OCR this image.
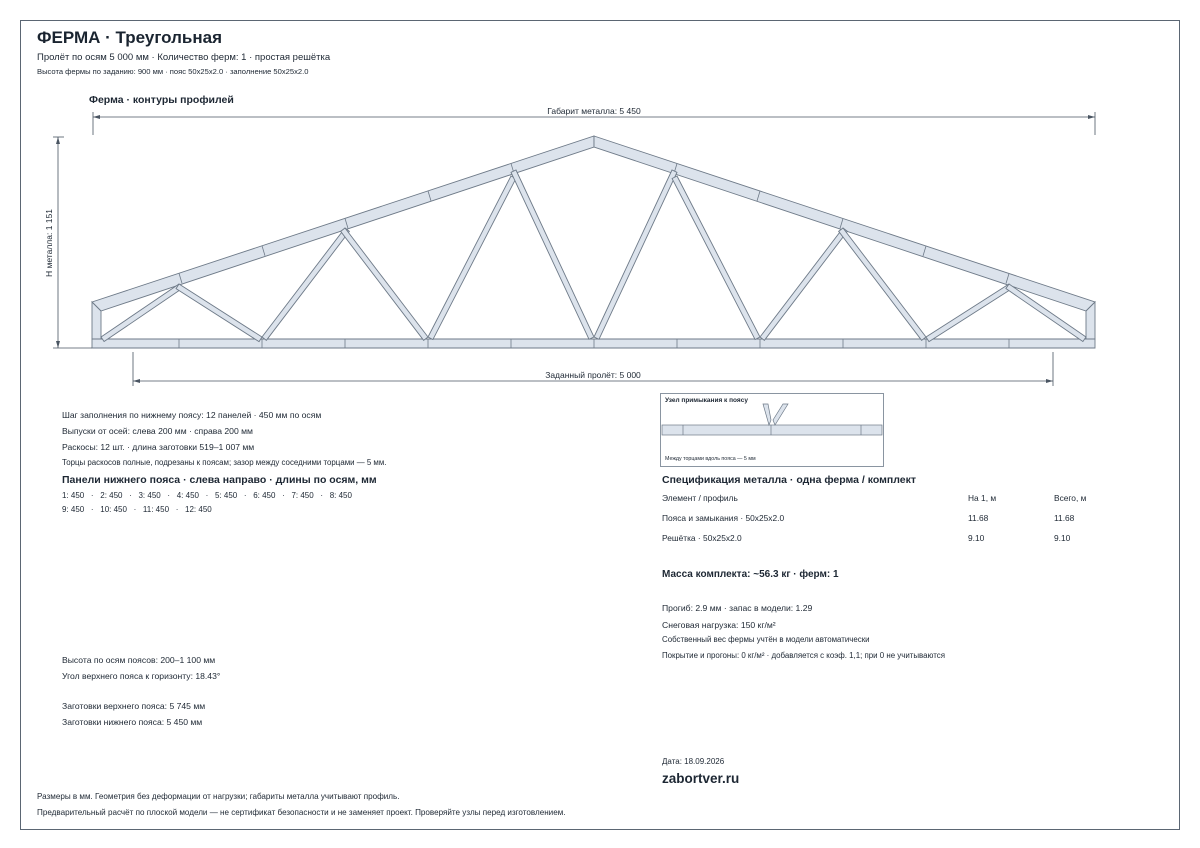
ФЕРМА · Треугольная
Пролёт по осям 5 000 мм · Количество ферм: 1 · простая решётка
Высота фермы по заданию: 900 мм · пояс 50x25x2.0 · заполнение 50x25x2.0
Ферма · контуры профилей
Габарит металла: 5 450
Н металла: 1 151
Заданный пролёт: 5 000
Шаг заполнения по нижнему поясу: 12 панелей · 450 мм по осям
Выпуски от осей: слева 200 мм · справа 200 мм
Раскосы: 12 шт. · длина заготовки 519–1 007 мм
Торцы раскосов полные, подрезаны к поясам; зазор между соседними торцами — 5 мм.
Панели нижнего пояса · слева направо · длины по осям, мм
1: 450   ·   2: 450   ·   3: 450   ·   4: 450   ·   5: 450   ·   6: 450   ·   7: 450   ·   8: 450
9: 450   ·   10: 450   ·   11: 450   ·   12: 450
Высота по осям поясов: 200–1 100 мм
Угол верхнего пояса к горизонту: 18.43°
Заготовки верхнего пояса: 5 745 мм
Заготовки нижнего пояса: 5 450 мм
Узел примыкания к поясу
Между торцами вдоль пояса — 5 мм
Спецификация металла · одна ферма / комплект
Элемент / профиль	На 1, м	Всего, м
Пояса и замыкания · 50x25x2.0	11.68	11.68
Решётка · 50x25x2.0	9.10	9.10
Масса комплекта: ~56.3 кг · ферм: 1
Прогиб: 2.9 мм · запас в модели: 1.29
Снеговая нагрузка: 150 кг/м²
Собственный вес фермы учтён в модели автоматически
Покрытие и прогоны: 0 кг/м² · добавляется с коэф. 1,1; при 0 не учитываются
Дата: 18.09.2026
zabortver.ru
Размеры в мм. Геометрия без деформации от нагрузки; габариты металла учитывают профиль.
Предварительный расчёт по плоской модели — не сертификат безопасности и не заменяет проект. Проверяйте узлы перед изготовлением.
